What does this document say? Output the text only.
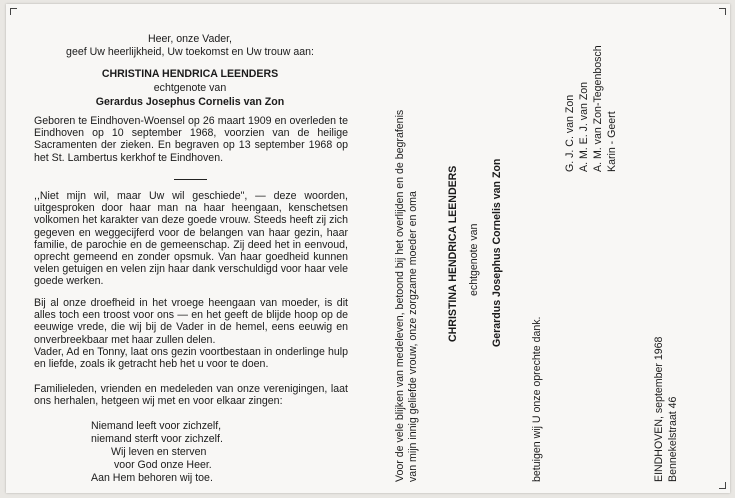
Heer, onze Vader,
geef Uw heerlijkheid, Uw toekomst en Uw trouw aan:
CHRISTINA HENDRICA LEENDERS
echtgenote van
Gerardus Josephus Cornelis van Zon
Geboren te Eindhoven-Woensel op 26 maart 1909 en overleden te Eindhoven op 10 september 1968, voorzien van de heilige Sacramenten der zieken. En begraven op 13 september 1968 op het St. Lambertus kerkhof te Eindhoven.
,,Niet mijn wil, maar Uw wil geschiede", — deze woorden, uitgesproken door haar man na haar heengaan, kenschetsen volkomen het karakter van deze goede vrouw. Steeds heeft zij zich gegeven en weggecijferd voor de belangen van haar gezin, haar familie, de parochie en de gemeenschap. Zij deed het in eenvoud, oprecht gemeend en zonder opsmuk. Van haar goedheid kunnen velen getuigen en velen zijn haar dank verschuldigd voor haar vele goede werken.
Bij al onze droefheid in het vroege heengaan van moeder, is dit alles toch een troost voor ons — en het geeft de blijde hoop op de eeuwige vrede, die wij bij de Vader in de hemel, eens eeuwig en onverbreekbaar met haar zullen delen.
Vader, Ad en Tonny, laat ons gezin voortbestaan in onderlinge hulp en liefde, zoals ik getracht heb het u voor te doen.
Familieleden, vrienden en medeleden van onze verenigingen, laat ons herhalen, hetgeen wij met en voor elkaar zingen:
Niemand leeft voor zichzelf,
niemand sterft voor zichzelf.
Wij leven en sterven
voor God onze Heer.
Aan Hem behoren wij toe.	Voor de vele blijken van medeleven, betoond bij het overlijden en de begrafenis van mijn innig geliefde vrouw, onze zorgzame moeder en oma	CHRISTINA HENDRICA LEENDERS echtgenote van Gerardus Josephus Cornelis van Zon
betuigen wij U onze oprechte dank.
G. J. C. van Zon A. M. E. J. van Zon A. M. van Zon-Tegenbosch Karin - Geert
EINDHOVEN, september 1968 Bennekelstraat 46
